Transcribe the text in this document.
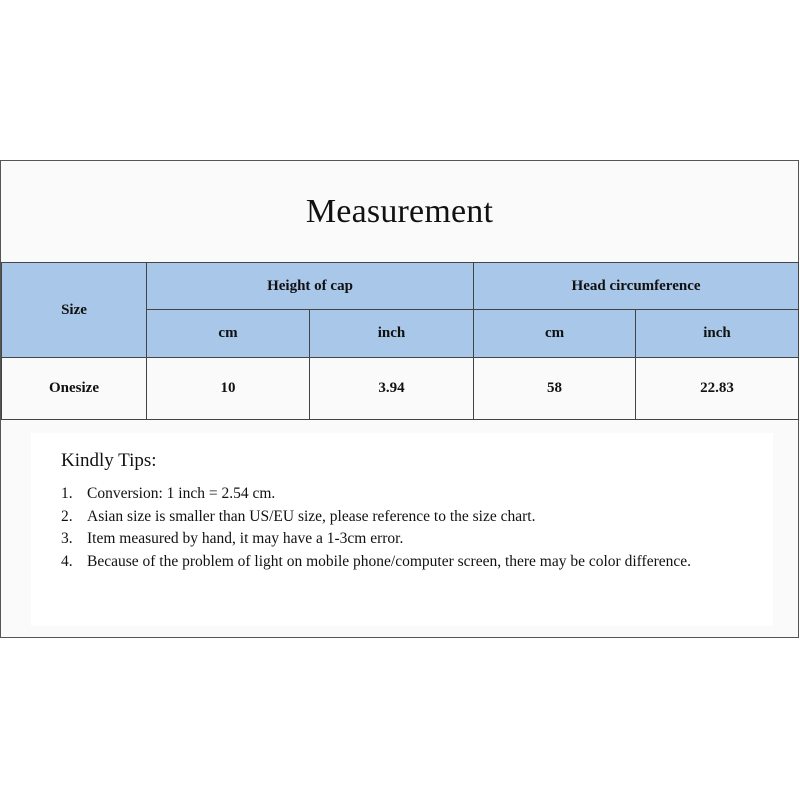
Measurement
Size	Height of cap		Head circumference	
	cm	inch	cm	inch
Onesize	10	3.94	58	22.83
Kindly Tips:
1. Conversion: 1 inch = 2.54 cm.
2. Asian size is smaller than US/EU size, please reference to the size chart.
3. Item measured by hand, it may have a 1-3cm error.
4. Because of the problem of light on mobile phone/computer screen, there may be color difference.
